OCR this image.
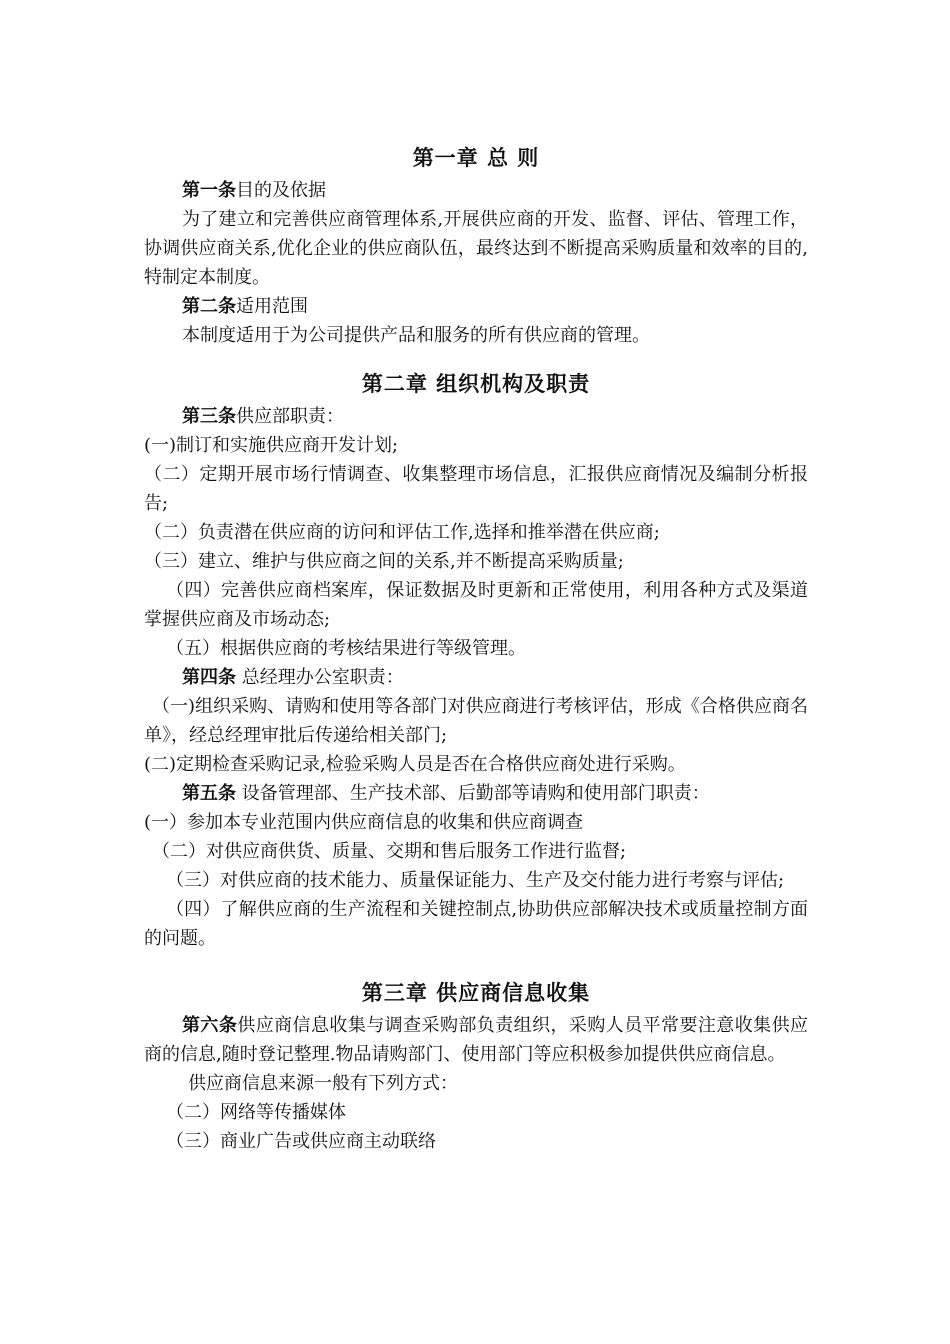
第一章 总 则

第一条目的及依据

为了建立和完善供应商管理体系,开展供应商的开发、监督、评估、管理工作，协调供应商关系,优化企业的供应商队伍，最终达到不断提高采购质量和效率的目的,特制定本制度。

第二条适用范围

本制度适用于为公司提供产品和服务的所有供应商的管理。

第二章 组织机构及职责

第三条供应部职责：

(一)制订和实施供应商开发计划;

（二）定期开展市场行情调查、收集整理市场信息，汇报供应商情况及编制分析报告;

（二）负责潜在供应商的访问和评估工作,选择和推举潜在供应商;

（三）建立、维护与供应商之间的关系,并不断提高采购质量;

（四）完善供应商档案库，保证数据及时更新和正常使用，利用各种方式及渠道掌握供应商及市场动态;

（五）根据供应商的考核结果进行等级管理。

第四条 总经理办公室职责：

（一)组织采购、请购和使用等各部门对供应商进行考核评估，形成《合格供应商名单》，经总经理审批后传递给相关部门;

(二)定期检查采购记录,检验采购人员是否在合格供应商处进行采购。

第五条 设备管理部、生产技术部、后勤部等请购和使用部门职责：

(一）参加本专业范围内供应商信息的收集和供应商调查

（二）对供应商供货、质量、交期和售后服务工作进行监督;

（三）对供应商的技术能力、质量保证能力、生产及交付能力进行考察与评估;

（四）了解供应商的生产流程和关键控制点,协助供应部解决技术或质量控制方面的问题。

第三章 供应商信息收集

第六条供应商信息收集与调查采购部负责组织，采购人员平常要注意收集供应商的信息,随时登记整理.物品请购部门、使用部门等应积极参加提供供应商信息。

供应商信息来源一般有下列方式：

（二）网络等传播媒体

（三）商业广告或供应商主动联络
